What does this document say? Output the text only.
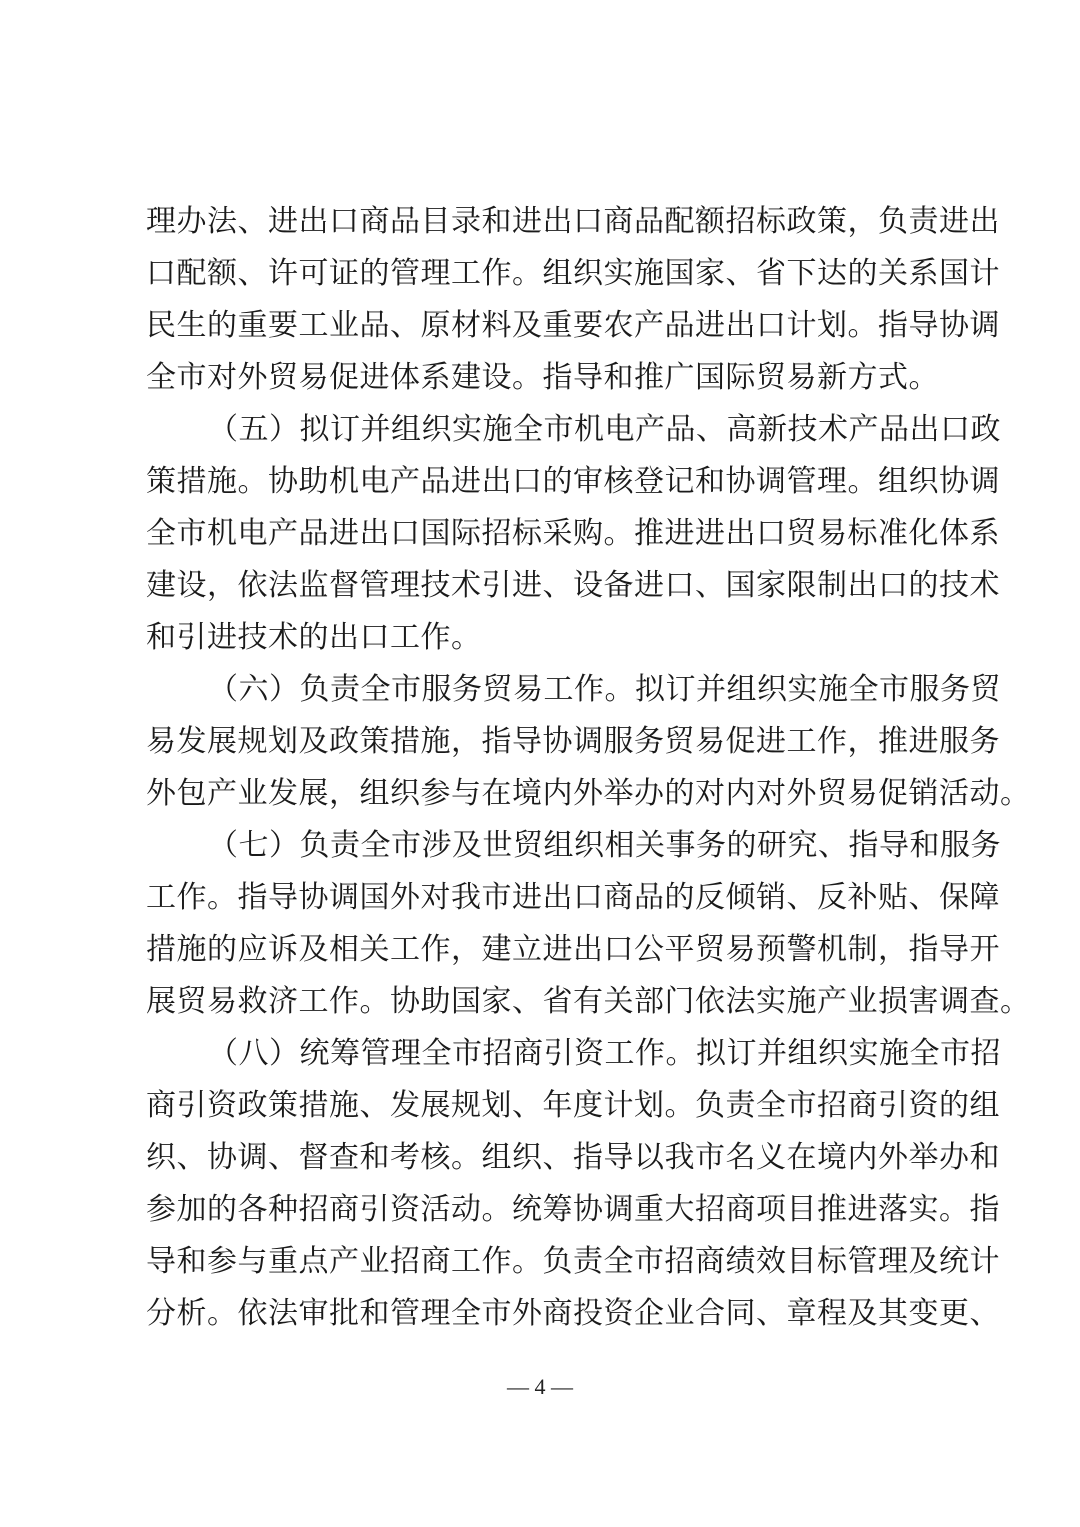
理办法、进出口商品目录和进出口商品配额招标政策，负责进出
口配额、许可证的管理工作。组织实施国家、省下达的关系国计
民生的重要工业品、原材料及重要农产品进出口计划。指导协调
全市对外贸易促进体系建设。指导和推广国际贸易新方式。
（五）拟订并组织实施全市机电产品、高新技术产品出口政
策措施。协助机电产品进出口的审核登记和协调管理。组织协调
全市机电产品进出口国际招标采购。推进进出口贸易标准化体系
建设，依法监督管理技术引进、设备进口、国家限制出口的技术
和引进技术的出口工作。
（六）负责全市服务贸易工作。拟订并组织实施全市服务贸
易发展规划及政策措施，指导协调服务贸易促进工作，推进服务
外包产业发展，组织参与在境内外举办的对内对外贸易促销活动。
（七）负责全市涉及世贸组织相关事务的研究、指导和服务
工作。指导协调国外对我市进出口商品的反倾销、反补贴、保障
措施的应诉及相关工作，建立进出口公平贸易预警机制，指导开
展贸易救济工作。协助国家、省有关部门依法实施产业损害调查。
（八）统筹管理全市招商引资工作。拟订并组织实施全市招
商引资政策措施、发展规划、年度计划。负责全市招商引资的组
织、协调、督查和考核。组织、指导以我市名义在境内外举办和
参加的各种招商引资活动。统筹协调重大招商项目推进落实。指
导和参与重点产业招商工作。负责全市招商绩效目标管理及统计
分析。依法审批和管理全市外商投资企业合同、章程及其变更、
— 4 —
